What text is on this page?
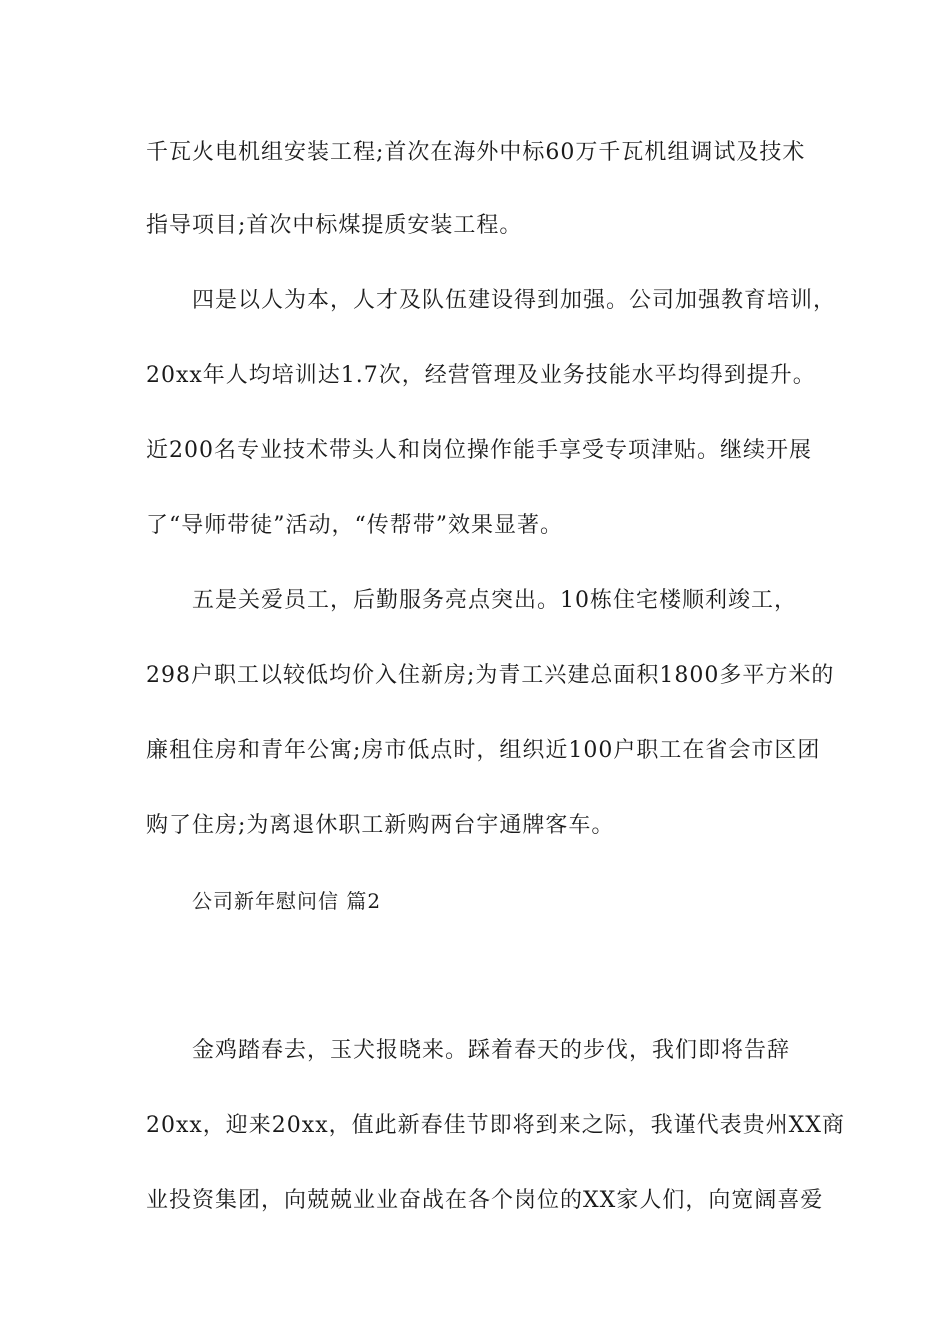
千瓦火电机组安装工程;首次在海外中标60万千瓦机组调试及技术
指导项目;首次中标煤提质安装工程。
四是以人为本，人才及队伍建设得到加强。公司加强教育培训，
20xx年人均培训达1.7次，经营管理及业务技能水平均得到提升。
近200名专业技术带头人和岗位操作能手享受专项津贴。继续开展
了“导师带徒”活动，“传帮带”效果显著。
五是关爱员工，后勤服务亮点突出。10栋住宅楼顺利竣工，
298户职工以较低均价入住新房;为青工兴建总面积1800多平方米的
廉租住房和青年公寓;房市低点时，组织近100户职工在省会市区团
购了住房;为离退休职工新购两台宇通牌客车。
公司新年慰问信 篇2
金鸡踏春去，玉犬报晓来。踩着春天的步伐，我们即将告辞
20xx，迎来20xx，值此新春佳节即将到来之际，我谨代表贵州XX商
业投资集团，向兢兢业业奋战在各个岗位的XX家人们，向宽阔喜爱
